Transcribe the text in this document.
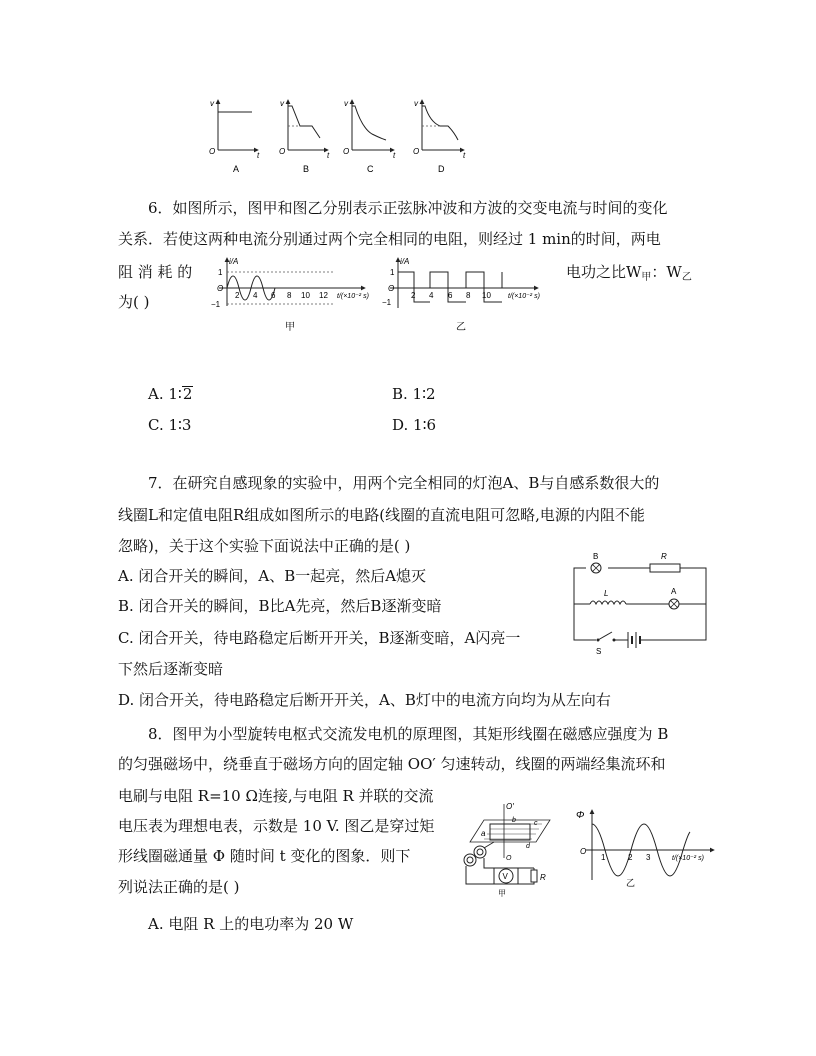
v
t
O
A
v
t
O
B
v
t
O
C
v
t
O
D
6．如图所示，图甲和图乙分别表示正弦脉冲波和方波的交变电流与时间的变化
关系．若使这两种电流分别通过两个完全相同的电阻，则经过 1 min的时间，两电
阻 消 耗 的	电功之比$W_甲$：$W_乙$
为( )
i/A
1
O
−1
2 4 6 8 10 12 t/(×10⁻² s)
甲
i/A
1
O
−1
2 4 6 8 10 t/(×10⁻² s)
乙
A. 1∶2	B. 1∶2
C. 1∶3	D. 1∶6
7．在研究自感现象的实验中，用两个完全相同的灯泡A、B与自感系数很大的
线圈L和定值电阻R组成如图所示的电路(线圈的直流电阻可忽略,电源的内阻不能
忽略)，关于这个实验下面说法中正确的是( )
A. 闭合开关的瞬间，A、B一起亮，然后A熄灭
B. 闭合开关的瞬间，B比A先亮，然后B逐渐变暗
C. 闭合开关，待电路稳定后断开开关，B逐渐变暗，A闪亮一
下然后逐渐变暗
D. 闭合开关，待电路稳定后断开开关，A、B灯中的电流方向均为从左向右
B	R
L	A
S
8．图甲为小型旋转电枢式交流发电机的原理图，其矩形线圈在磁感应强度为 B
的匀强磁场中，绕垂直于磁场方向的固定轴 OO′ 匀速转动，线圈的两端经集流环和
电刷与电阻 R=10 Ω连接,与电阻 R 并联的交流
电压表为理想电表，示数是 10 V. 图乙是穿过矩
形线圈磁通量 Φ 随时间 t 变化的图象．则下
列说法正确的是( )
A. 电阻 R 上的电功率为 20 W
O′
a
b	c
d
O
V	R
甲
Φ
O
1	2 3	t/(×10⁻² s)
乙
